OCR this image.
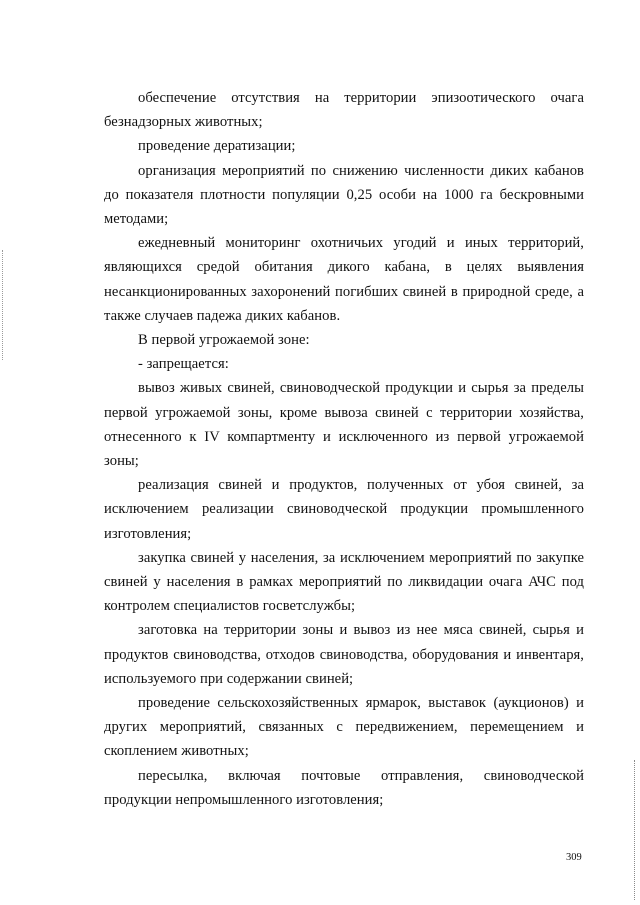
обеспечение отсутствия на территории эпизоотического очага безнадзорных животных;

проведение дератизации;

организация мероприятий по снижению численности диких кабанов до показателя плотности популяции 0,25 особи на 1000 га бескровными методами;

ежедневный мониторинг охотничьих угодий и иных территорий, являющихся средой обитания дикого кабана, в целях выявления несанкционированных захоронений погибших свиней в природной среде, а также случаев падежа диких кабанов.

В первой угрожаемой зоне:

- запрещается:

вывоз живых свиней, свиноводческой продукции и сырья за пределы первой угрожаемой зоны, кроме вывоза свиней с территории хозяйства, отнесенного к IV компартменту и исключенного из первой угрожаемой зоны;

реализация свиней и продуктов, полученных от убоя свиней, за исключением реализации свиноводческой продукции промышленного изготовления;

закупка свиней у населения, за исключением мероприятий по закупке свиней у населения в рамках мероприятий по ликвидации очага АЧС под контролем специалистов госветслужбы;

заготовка на территории зоны и вывоз из нее мяса свиней, сырья и продуктов свиноводства, отходов свиноводства, оборудования и инвентаря, используемого при содержании свиней;

проведение сельскохозяйственных ярмарок, выставок (аукционов) и других мероприятий, связанных с передвижением, перемещением и скоплением животных;

пересылка, включая почтовые отправления, свиноводческой продукции непромышленного изготовления;

309
